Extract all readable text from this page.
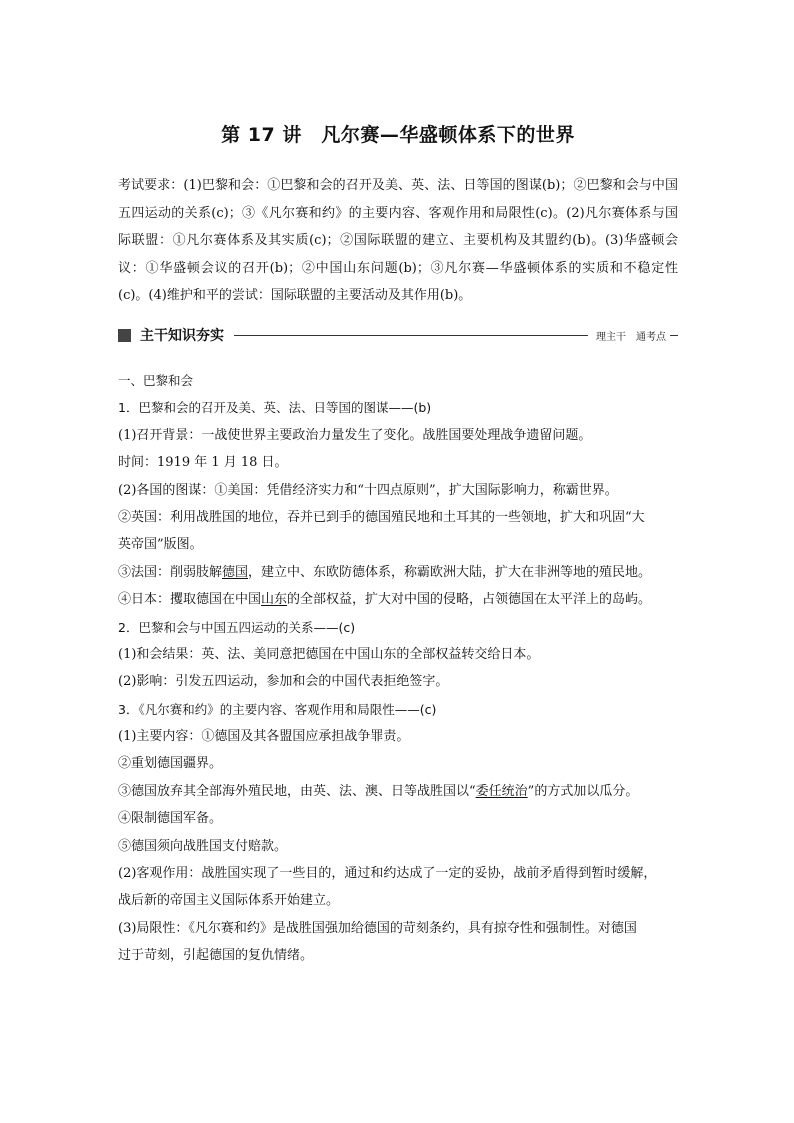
第 17 讲　凡尔赛—华盛顿体系下的世界
考试要求：(1)巴黎和会：①巴黎和会的召开及美、英、法、日等国的图谋(b)；②巴黎和会与中国五四运动的关系(c)；③《凡尔赛和约》的主要内容、客观作用和局限性(c)。(2)凡尔赛体系与国际联盟：①凡尔赛体系及其实质(c)；②国际联盟的建立、主要机构及其盟约(b)。(3)华盛顿会议：①华盛顿会议的召开(b)；②中国山东问题(b)；③凡尔赛—华盛顿体系的实质和不稳定性(c)。(4)维护和平的尝试：国际联盟的主要活动及其作用(b)。
主干知识夯实	理主干　通考点
一、巴黎和会
1．巴黎和会的召开及美、英、法、日等国的图谋——(b)
(1)召开背景：一战使世界主要政治力量发生了变化。战胜国要处理战争遗留问题。
时间：1919 年 1 月 18 日。
(2)各国的图谋：①美国：凭借经济实力和“十四点原则”，扩大国际影响力，称霸世界。
②英国：利用战胜国的地位，吞并已到手的德国殖民地和土耳其的一些领地，扩大和巩固“大
英帝国”版图。
③法国：削弱肢解德国，建立中、东欧防德体系，称霸欧洲大陆，扩大在非洲等地的殖民地。
④日本：攫取德国在中国山东的全部权益，扩大对中国的侵略，占领德国在太平洋上的岛屿。
2．巴黎和会与中国五四运动的关系——(c)
(1)和会结果：英、法、美同意把德国在中国山东的全部权益转交给日本。
(2)影响：引发五四运动，参加和会的中国代表拒绝签字。
3．《凡尔赛和约》的主要内容、客观作用和局限性——(c)
(1)主要内容：①德国及其各盟国应承担战争罪责。
②重划德国疆界。
③德国放弃其全部海外殖民地，由英、法、澳、日等战胜国以“委任统治”的方式加以瓜分。
④限制德国军备。
⑤德国须向战胜国支付赔款。
(2)客观作用：战胜国实现了一些目的，通过和约达成了一定的妥协，战前矛盾得到暂时缓解，
战后新的帝国主义国际体系开始建立。
(3)局限性：《凡尔赛和约》是战胜国强加给德国的苛刻条约，具有掠夺性和强制性。对德国
过于苛刻，引起德国的复仇情绪。
